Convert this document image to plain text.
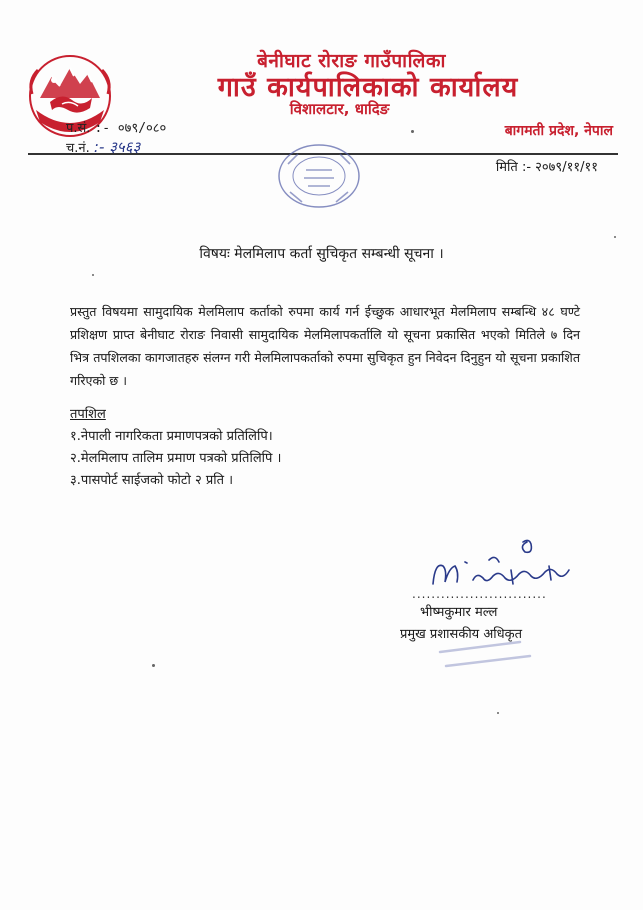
बेनीघाट रोराङ गाउँपालिका
गाउँ कार्यपालिकाको कार्यालय
विशालटार, धादिङ
बागमती प्रदेश, नेपाल
प.सं. :- ०७९/०८०
च.नं. :- ३५६३
मिति :- २०७९/११/११
विषयः मेलमिलाप कर्ता सुचिकृत सम्बन्धी सूचना ।
प्रस्तुत विषयमा सामुदायिक मेलमिलाप कर्ताको रुपमा कार्य गर्न ईच्छुक आधारभूत मेलमिलाप सम्बन्धि ४८ घण्टे प्रशिक्षण प्राप्त बेनीघाट रोराङ निवासी सामुदायिक मेलमिलापकर्तालि यो सूचना प्रकासित भएको मितिले ७ दिन भित्र तपशिलका कागजातहरु संलग्न गरी मेलमिलापकर्ताको रुपमा सुचिकृत हुन निवेदन दिनुहुन यो सूचना प्रकाशित गरिएको छ ।
तपशिल
१.नेपाली नागरिकता प्रमाणपत्रको प्रतिलिपि।
२.मेलमिलाप तालिम प्रमाण पत्रको प्रतिलिपि ।
३.पासपोर्ट साईजको फोटो २ प्रति ।
............................
भीष्मकुमार मल्ल
प्रमुख प्रशासकीय अधिकृत
